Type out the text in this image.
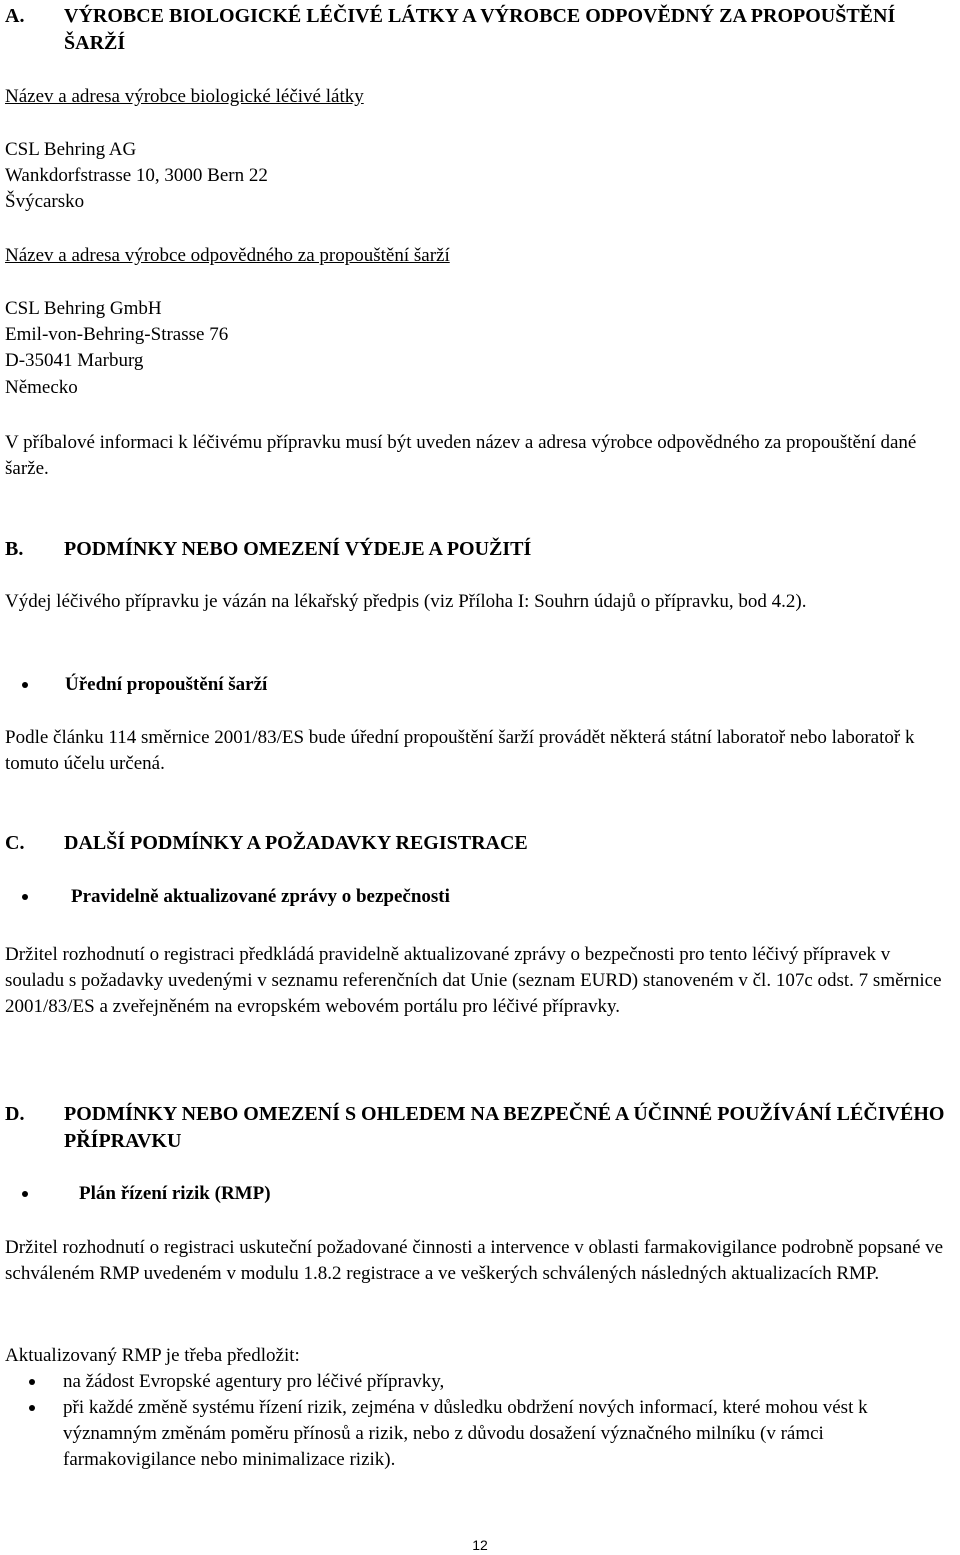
A.	VÝROBCE BIOLOGICKÉ LÉČIVÉ LÁTKY A VÝROBCE ODPOVĚDNÝ ZA PROPOUŠTĚNÍ ŠARŽÍ

Název a adresa výrobce biologické léčivé látky

CSL Behring AG

Wankdorfstrasse 10, 3000 Bern 22

Švýcarsko

Název a adresa výrobce odpovědného za propouštění šarží

CSL Behring GmbH

Emil-von-Behring-Strasse 76

D-35041 Marburg

Německo

V příbalové informaci k léčivému přípravku musí být uveden název a adresa výrobce odpovědného za propouštění dané šarže.

B.	PODMÍNKY NEBO OMEZENÍ VÝDEJE A POUŽITÍ

Výdej léčivého přípravku je vázán na lékařský předpis (viz Příloha I: Souhrn údajů o přípravku, bod 4.2).

Úřední propouštění šarží

Podle článku 114 směrnice 2001/83/ES bude úřední propouštění šarží provádět některá státní laboratoř nebo laboratoř k tomuto účelu určená.

C.	DALŠÍ PODMÍNKY A POŽADAVKY REGISTRACE
Pravidelně aktualizované zprávy o bezpečnosti

Držitel rozhodnutí o registraci předkládá pravidelně aktualizované zprávy o bezpečnosti pro tento léčivý přípravek v souladu s požadavky uvedenými v seznamu referenčních dat Unie (seznam EURD) stanoveném v čl. 107c odst. 7 směrnice 2001/83/ES a zveřejněném na evropském webovém portálu pro léčivé přípravky.

D.	PODMÍNKY NEBO OMEZENÍ S OHLEDEM NA BEZPEČNÉ A ÚČINNÉ POUŽÍVÁNÍ LÉČIVÉHO PŘÍPRAVKU
Plán řízení rizik (RMP)

Držitel rozhodnutí o registraci uskuteční požadované činnosti a intervence v oblasti farmakovigilance podrobně popsané ve schváleném RMP uvedeném v modulu 1.8.2 registrace a ve veškerých schválených následných aktualizacích RMP.

Aktualizovaný RMP je třeba předložit:

na žádost Evropské agentury pro léčivé přípravky,
při každé změně systému řízení rizik, zejména v důsledku obdržení nových informací, které mohou vést k významným změnám poměru přínosů a rizik, nebo z důvodu dosažení význačného milníku (v rámci farmakovigilance nebo minimalizace rizik).
12
